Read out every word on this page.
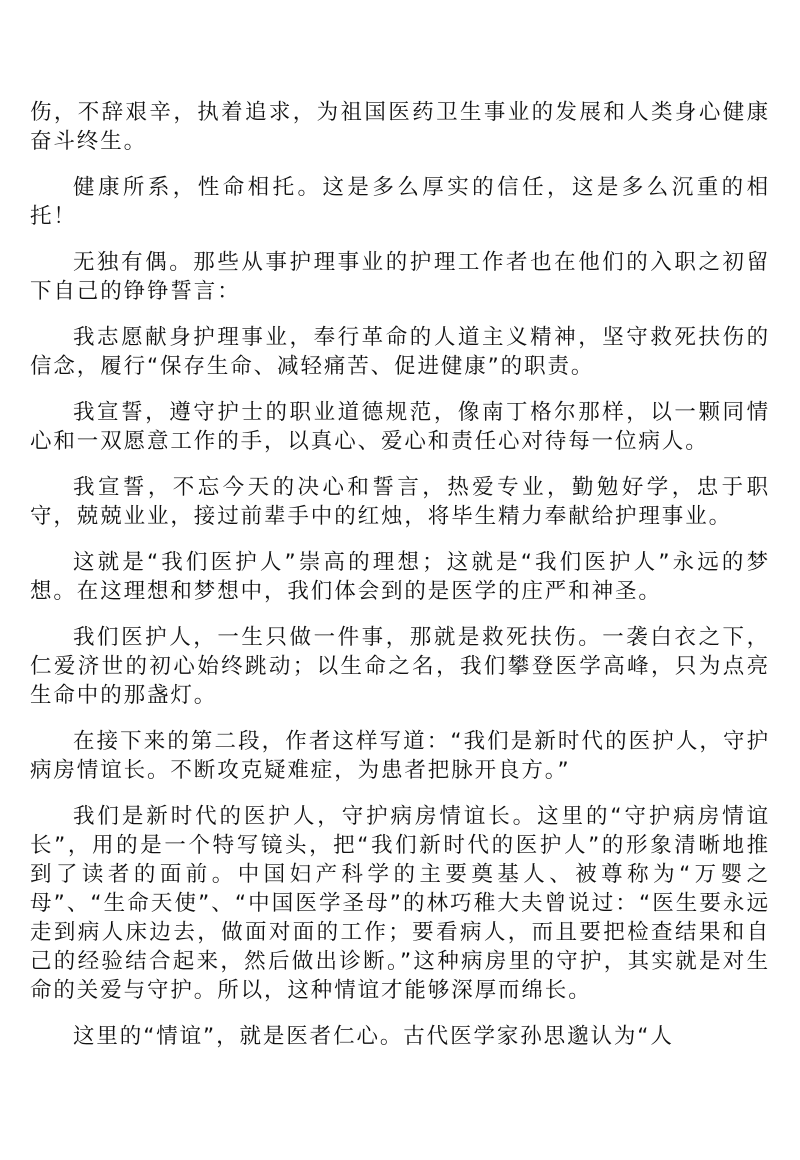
伤，不辞艰辛，执着追求，为祖国医药卫生事业的发展和人类身心健康奋斗终生。

健康所系，性命相托。这是多么厚实的信任，这是多么沉重的相托！

无独有偶。那些从事护理事业的护理工作者也在他们的入职之初留下自己的铮铮誓言：

我志愿献身护理事业，奉行革命的人道主义精神，坚守救死扶伤的信念，履行“保存生命、减轻痛苦、促进健康”的职责。

我宣誓，遵守护士的职业道德规范，像南丁格尔那样，以一颗同情心和一双愿意工作的手，以真心、爱心和责任心对待每一位病人。

我宣誓，不忘今天的决心和誓言，热爱专业，勤勉好学，忠于职守，兢兢业业，接过前辈手中的红烛，将毕生精力奉献给护理事业。

这就是“我们医护人”崇高的理想；这就是“我们医护人”永远的梦想。在这理想和梦想中，我们体会到的是医学的庄严和神圣。

我们医护人，一生只做一件事，那就是救死扶伤。一袭白衣之下，仁爱济世的初心始终跳动；以生命之名，我们攀登医学高峰，只为点亮生命中的那盏灯。

在接下来的第二段，作者这样写道：“我们是新时代的医护人，守护病房情谊长。不断攻克疑难症，为患者把脉开良方。”

我们是新时代的医护人，守护病房情谊长。这里的“守护病房情谊长”，用的是一个特写镜头，把“我们新时代的医护人”的形象清晰地推到了读者的面前。中国妇产科学的主要奠基人、被尊称为“万婴之母”、“生命天使”、“中国医学圣母”的林巧稚大夫曾说过：“医生要永远走到病人床边去，做面对面的工作；要看病人，而且要把检查结果和自己的经验结合起来，然后做出诊断。”这种病房里的守护，其实就是对生命的关爱与守护。所以，这种情谊才能够深厚而绵长。

这里的“情谊”，就是医者仁心。古代医学家孙思邈认为“人
